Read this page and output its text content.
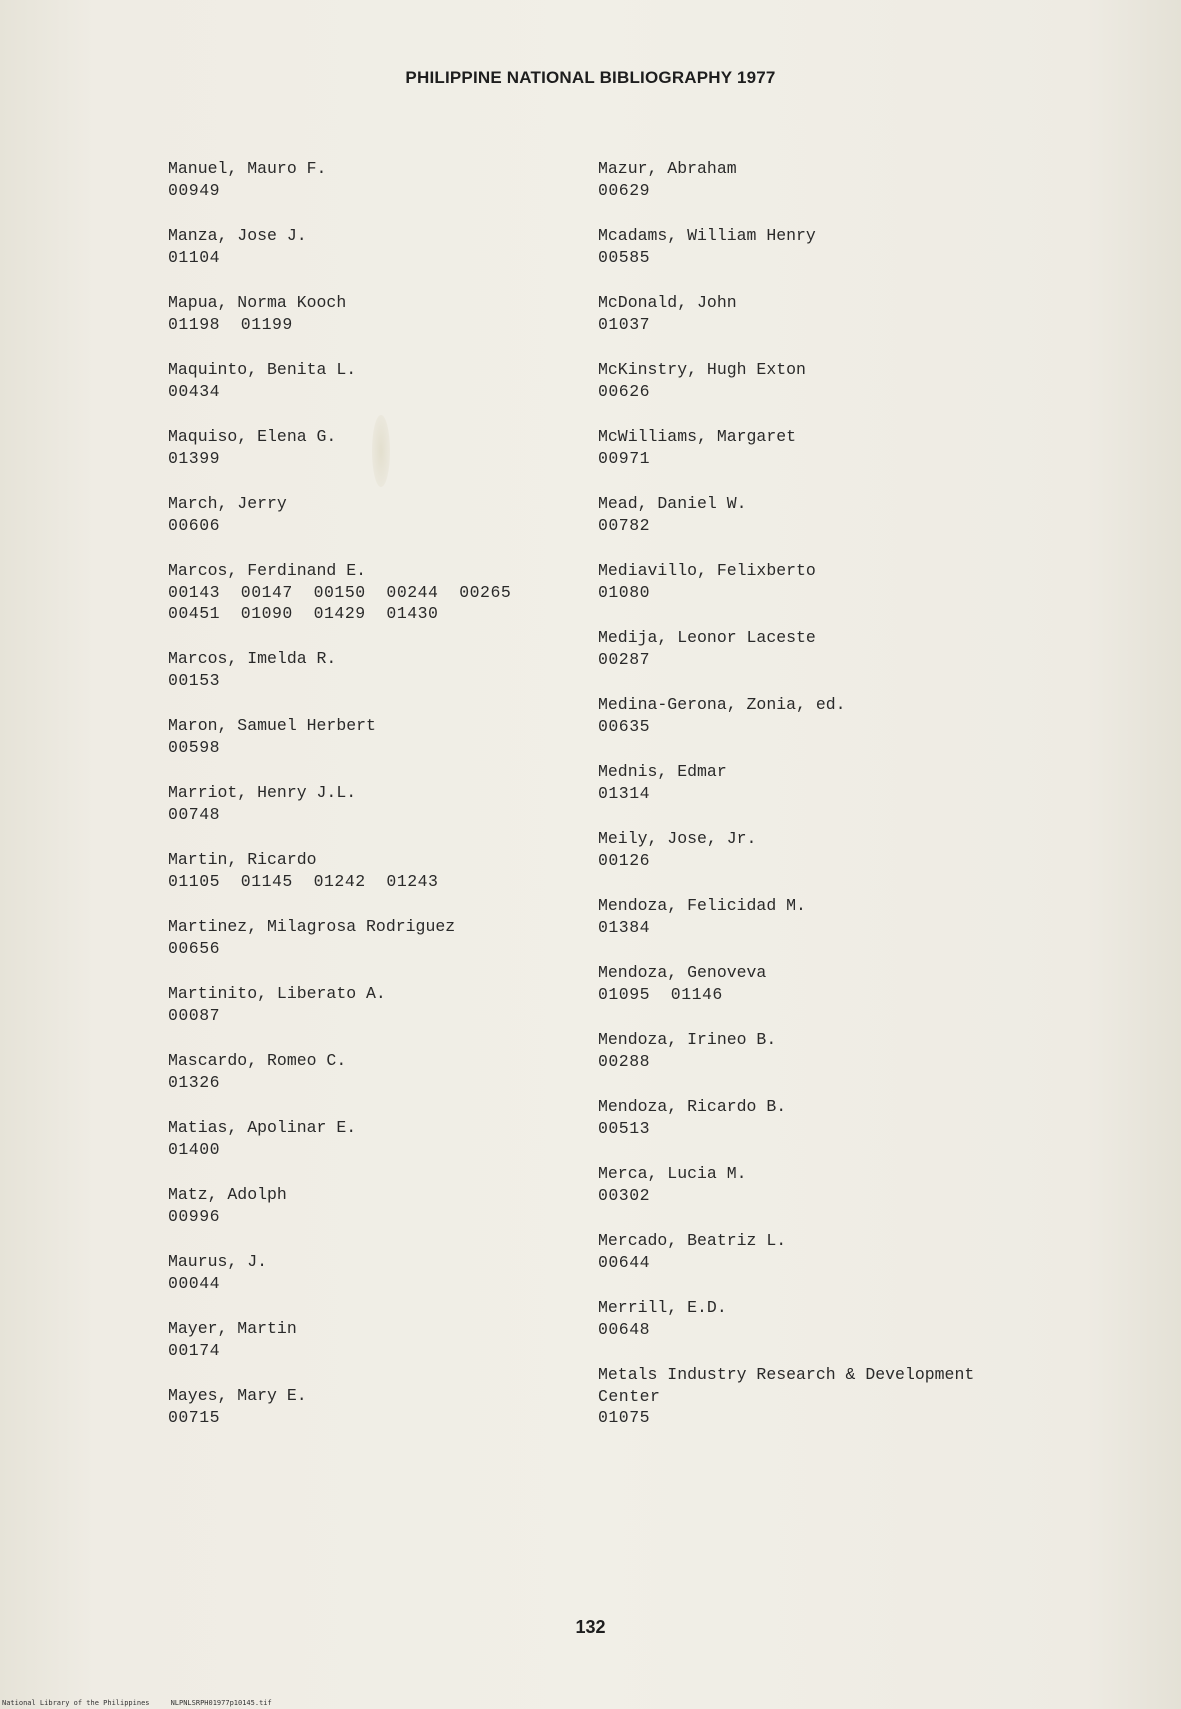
PHILIPPINE NATIONAL BIBLIOGRAPHY 1977
Manuel, Mauro F.
00949
Manza, Jose J.
01104
Mapua, Norma Kooch
01198  01199
Maquinto, Benita L.
00434
Maquiso, Elena G.
01399
March, Jerry
00606
Marcos, Ferdinand E.
00143  00147  00150  00244  00265
00451  01090  01429  01430
Marcos, Imelda R.
00153
Maron, Samuel Herbert
00598
Marriot, Henry J.L.
00748
Martin, Ricardo
01105  01145  01242  01243
Martinez, Milagrosa Rodriguez
00656
Martinito, Liberato A.
00087
Mascardo, Romeo C.
01326
Matias, Apolinar E.
01400
Matz, Adolph
00996
Maurus, J.
00044
Mayer, Martin
00174
Mayes, Mary E.
00715
Mazur, Abraham
00629
Mcadams, William Henry
00585
McDonald, John
01037
McKinstry, Hugh Exton
00626
McWilliams, Margaret
00971
Mead, Daniel W.
00782
Mediavillo, Felixberto
01080
Medija, Leonor Laceste
00287
Medina-Gerona, Zonia, ed.
00635
Mednis, Edmar
01314
Meily, Jose, Jr.
00126
Mendoza, Felicidad M.
01384
Mendoza, Genoveva
01095  01146
Mendoza, Irineo B.
00288
Mendoza, Ricardo B.
00513
Merca, Lucia M.
00302
Mercado, Beatriz L.
00644
Merrill, E.D.
00648
Metals Industry Research & Development
Center
01075
132
National Library of the Philippines     NLPNLSRPH01977p10145.tif
